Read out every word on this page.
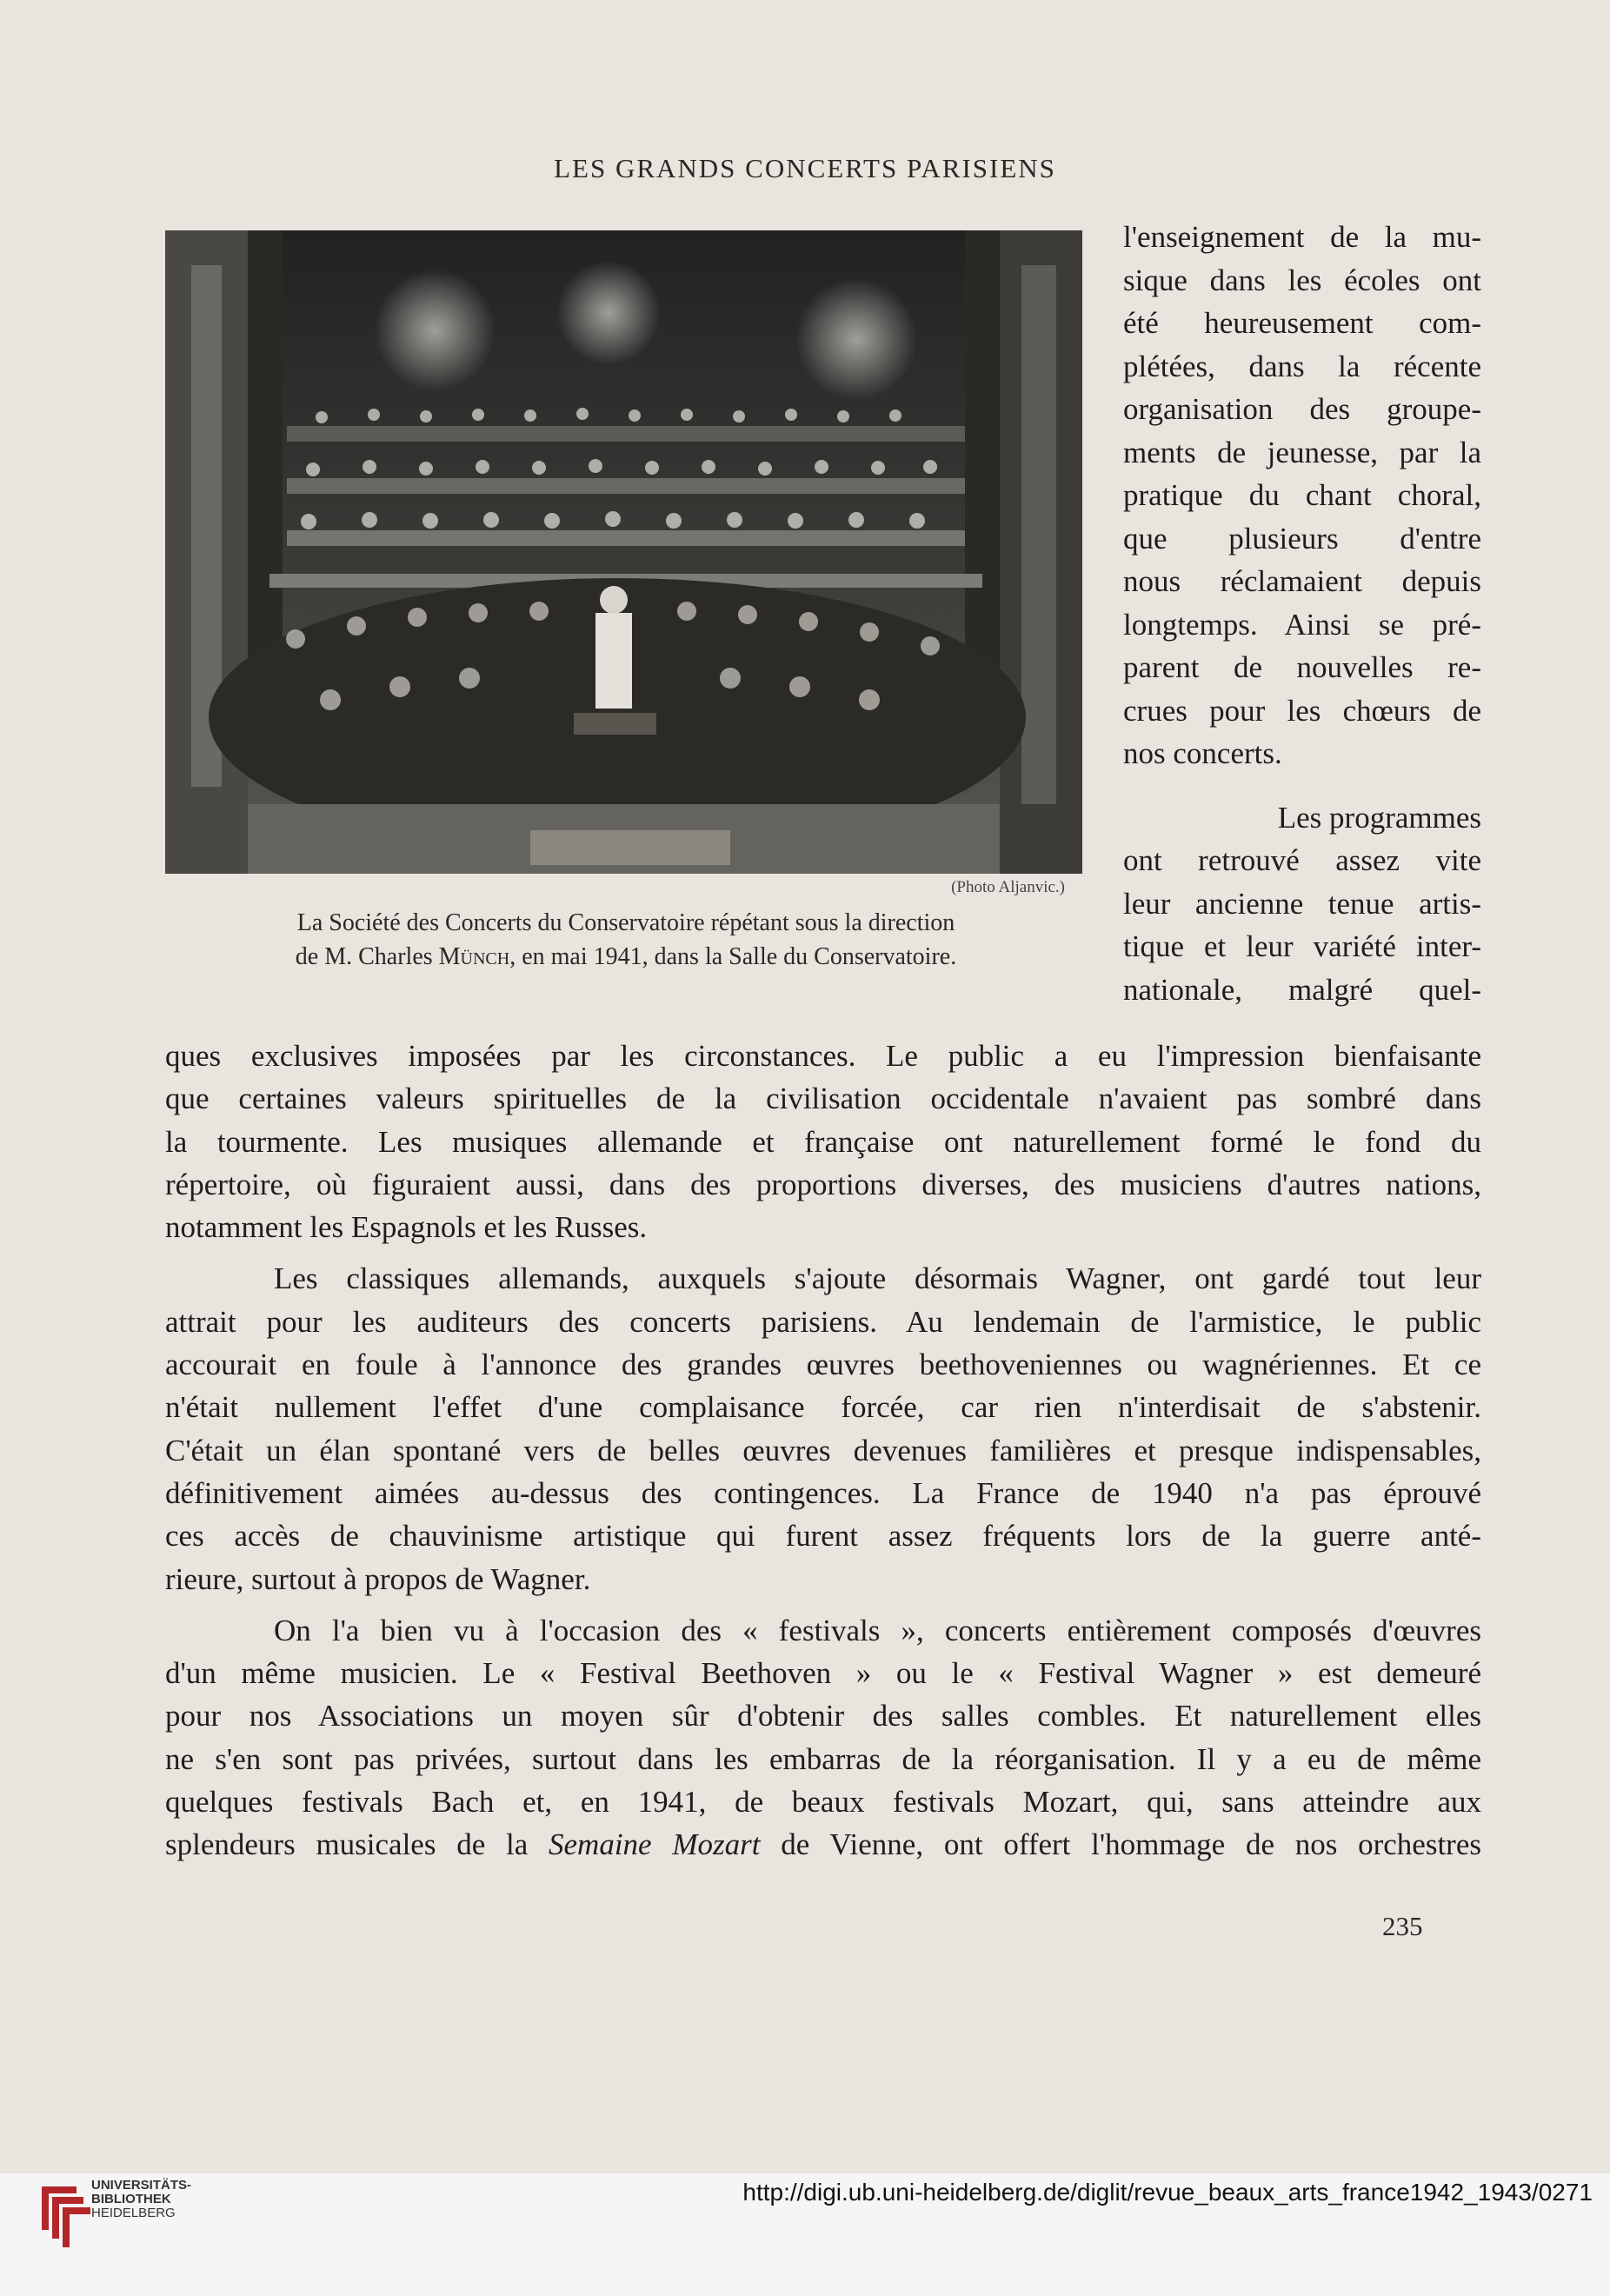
LES GRANDS CONCERTS PARISIENS
(Photo Aljanvic.)
La Société des Concerts du Conservatoire répétant sous la direction
de M. Charles Münch, en mai 1941, dans la Salle du Conservatoire.
l'enseignement de la mu-
sique dans les écoles ont
été heureusement com-
plétées, dans la récente
organisation des groupe-
ments de jeunesse, par la
pratique du chant choral,
que plusieurs d'entre
nous réclamaient depuis
longtemps. Ainsi se pré-
parent de nouvelles re-
crues pour les chœurs de
nos concerts.
Les programmes
ont retrouvé assez vite
leur ancienne tenue artis-
tique et leur variété inter-
nationale, malgré quel-
ques exclusives imposées par les circonstances. Le public a eu l'impression bienfaisante
que certaines valeurs spirituelles de la civilisation occidentale n'avaient pas sombré dans
la tourmente. Les musiques allemande et française ont naturellement formé le fond du
répertoire, où figuraient aussi, dans des proportions diverses, des musiciens d'autres nations,
notamment les Espagnols et les Russes.
Les classiques allemands, auxquels s'ajoute désormais Wagner, ont gardé tout leur
attrait pour les auditeurs des concerts parisiens. Au lendemain de l'armistice, le public
accourait en foule à l'annonce des grandes œuvres beethoveniennes ou wagnériennes. Et ce
n'était nullement l'effet d'une complaisance forcée, car rien n'interdisait de s'abstenir.
C'était un élan spontané vers de belles œuvres devenues familières et presque indispensables,
définitivement aimées au-dessus des contingences. La France de 1940 n'a pas éprouvé
ces accès de chauvinisme artistique qui furent assez fréquents lors de la guerre anté-
rieure, surtout à propos de Wagner.
On l'a bien vu à l'occasion des « festivals », concerts entièrement composés d'œuvres
d'un même musicien. Le « Festival Beethoven » ou le « Festival Wagner » est demeuré
pour nos Associations un moyen sûr d'obtenir des salles combles. Et naturellement elles
ne s'en sont pas privées, surtout dans les embarras de la réorganisation. Il y a eu de même
quelques festivals Bach et, en 1941, de beaux festivals Mozart, qui, sans atteindre aux
splendeurs musicales de la Semaine Mozart de Vienne, ont offert l'hommage de nos orchestres
235
UNIVERSITÄTS-
BIBLIOTHEK
HEIDELBERG
http://digi.ub.uni-heidelberg.de/diglit/revue_beaux_arts_france1942_1943/0271
